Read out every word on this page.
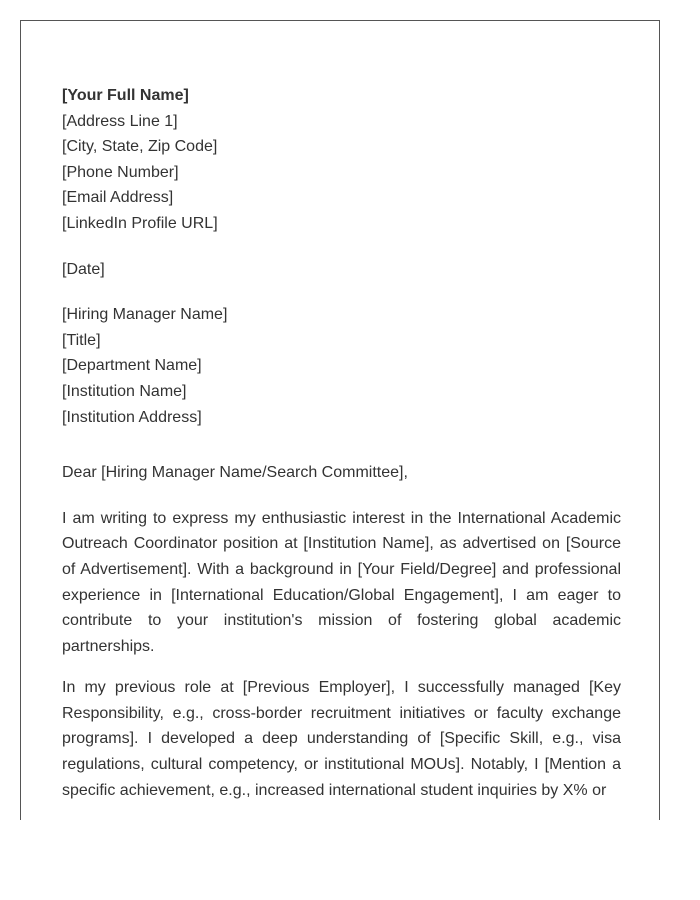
[Your Full Name]
[Address Line 1]
[City, State, Zip Code]
[Phone Number]
[Email Address]
[LinkedIn Profile URL]
[Date]
[Hiring Manager Name]
[Title]
[Department Name]
[Institution Name]
[Institution Address]

Dear [Hiring Manager Name/Search Committee],

I am writing to express my enthusiastic interest in the International Academic Outreach Coordinator position at [Institution Name], as advertised on [Source of Advertisement]. With a background in [Your Field/Degree] and professional experience in [International Education/Global Engagement], I am eager to contribute to your institution's mission of fostering global academic partnerships.

In my previous role at [Previous Employer], I successfully managed [Key Responsibility, e.g., cross-border recruitment initiatives or faculty exchange programs]. I developed a deep understanding of [Specific Skill, e.g., visa regulations, cultural competency, or institutional MOUs]. Notably, I [Mention a specific achievement, e.g., increased international student inquiries by X% or
